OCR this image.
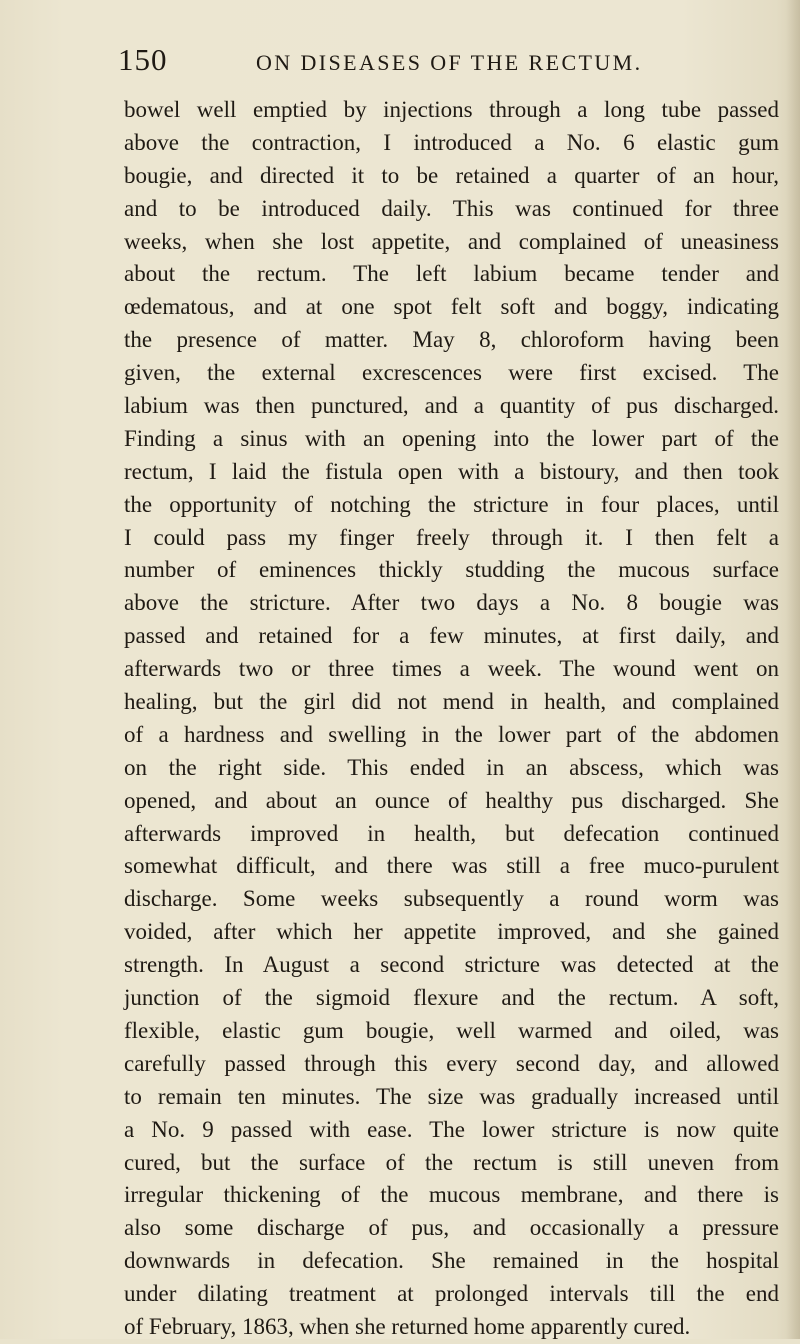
150	ON DISEASES OF THE RECTUM.
bowel well emptied by injections through a long tube passed
above the contraction, I introduced a No. 6 elastic gum
bougie, and directed it to be retained a quarter of an hour,
and to be introduced daily. This was continued for three
weeks, when she lost appetite, and complained of uneasiness
about the rectum. The left labium became tender and
œdematous, and at one spot felt soft and boggy, indicating
the presence of matter. May 8, chloroform having been
given, the external excrescences were first excised. The
labium was then punctured, and a quantity of pus discharged.
Finding a sinus with an opening into the lower part of the
rectum, I laid the fistula open with a bistoury, and then took
the opportunity of notching the stricture in four places, until
I could pass my finger freely through it. I then felt a
number of eminences thickly studding the mucous surface
above the stricture. After two days a No. 8 bougie was
passed and retained for a few minutes, at first daily, and
afterwards two or three times a week. The wound went on
healing, but the girl did not mend in health, and complained
of a hardness and swelling in the lower part of the abdomen
on the right side. This ended in an abscess, which was
opened, and about an ounce of healthy pus discharged. She
afterwards improved in health, but defecation continued
somewhat difficult, and there was still a free muco-purulent
discharge. Some weeks subsequently a round worm was
voided, after which her appetite improved, and she gained
strength. In August a second stricture was detected at the
junction of the sigmoid flexure and the rectum. A soft,
flexible, elastic gum bougie, well warmed and oiled, was
carefully passed through this every second day, and allowed
to remain ten minutes. The size was gradually increased until
a No. 9 passed with ease. The lower stricture is now quite
cured, but the surface of the rectum is still uneven from
irregular thickening of the mucous membrane, and there is
also some discharge of pus, and occasionally a pressure
downwards in defecation. She remained in the hospital
under dilating treatment at prolonged intervals till the end
of February, 1863, when she returned home apparently cured.
